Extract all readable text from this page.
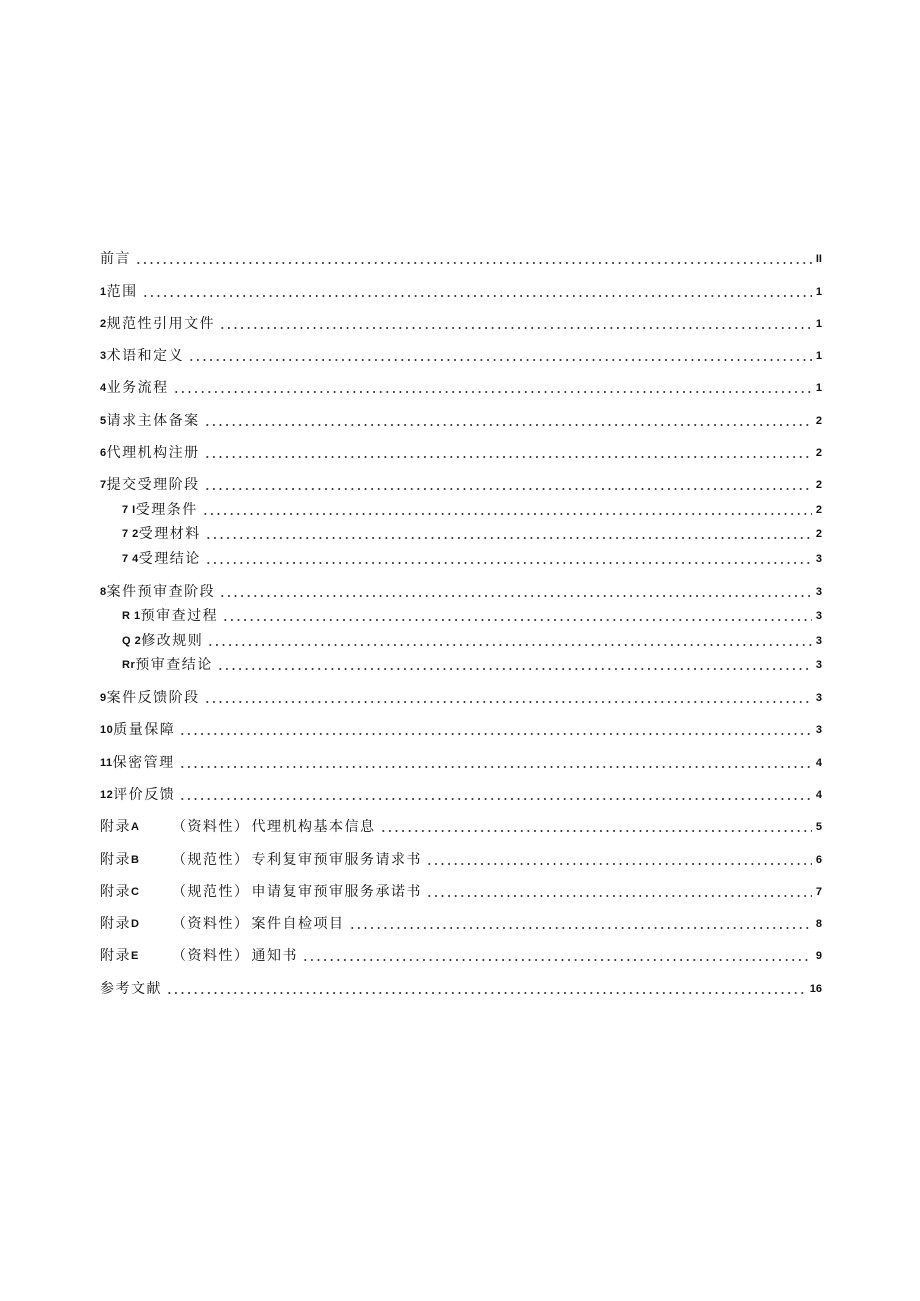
前言	II
1 范围	1
2 规范性引用文件	1
3 术语和定义	1
4 业务流程	1
5 请求主体备案	2
6 代理机构注册	2
7 提交受理阶段	2
7 I 受理条件	2
7 2 受理材料	2
7 4 受理结论	3
8 案件预审查阶段	3
R 1 预审查过程	3
Q 2 修改规则	3
Rr 预审查结论	3
9 案件反馈阶段	3
10 质量保障	3
11 保密管理	4
12 评价反馈	4
附录 A （资料性） 代理机构基本信息	5
附录 B （规范性） 专利复审预审服务请求书	6
附录 C （规范性） 申请复审预审服务承诺书	7
附录 D （资料性） 案件自检项目	8
附录 E （资料性） 通知书	9
参考文献	16
